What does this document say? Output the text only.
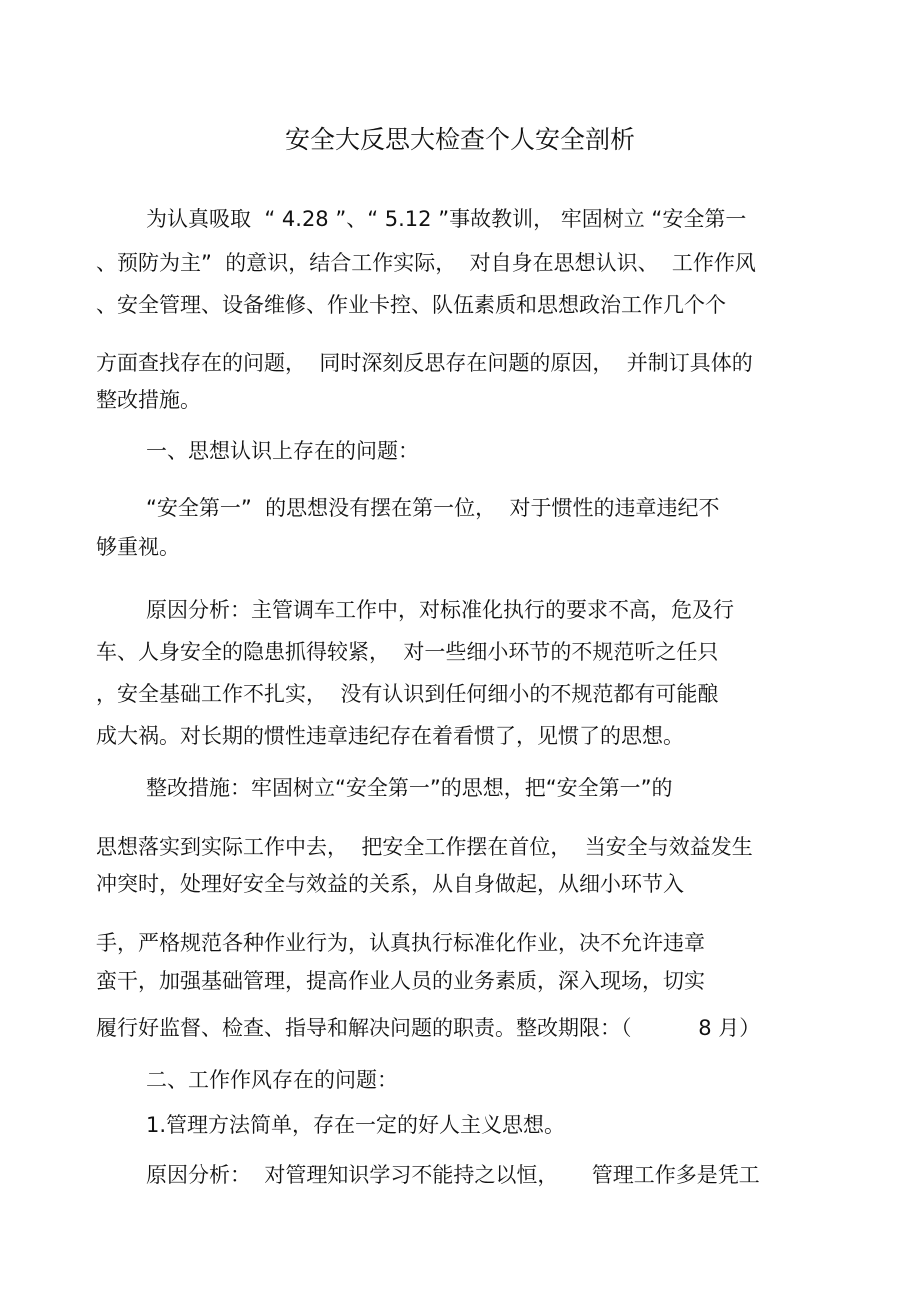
安全大反思大检查个人安全剖析
为认真吸取  “ 4.28 ”、“ 5.12 ”事故教训， 牢固树立 “安全第一
、预防为主”  的意识，结合工作实际，  对自身在思想认识、  工作作风
、安全管理、设备维修、作业卡控、队伍素质和思想政治工作几个个
方面查找存在的问题，  同时深刻反思存在问题的原因，  并制订具体的
整改措施。
一、思想认识上存在的问题：
“安全第一”  的思想没有摆在第一位，  对于惯性的违章违纪不
够重视。
原因分析：主管调车工作中，对标准化执行的要求不高，危及行
车、人身安全的隐患抓得较紧，  对一些细小环节的不规范听之任只
，安全基础工作不扎实，  没有认识到任何细小的不规范都有可能酿
成大祸。对长期的惯性违章违纪存在着看惯了，见惯了的思想。
整改措施：牢固树立“安全第一”的思想，把“安全第一”的
思想落实到实际工作中去，  把安全工作摆在首位，  当安全与效益发生
冲突时，处理好安全与效益的关系，从自身做起，从细小环节入
手，严格规范各种作业行为，认真执行标准化作业，决不允许违章
蛮干，加强基础管理，提高作业人员的业务素质，深入现场，切实
履行好监督、检查、指导和解决问题的职责。整改期限：（          8 月）
二、工作作风存在的问题：
1.管理方法简单，存在一定的好人主义思想。
原因分析：  对管理知识学习不能持之以恒，     管理工作多是凭工
